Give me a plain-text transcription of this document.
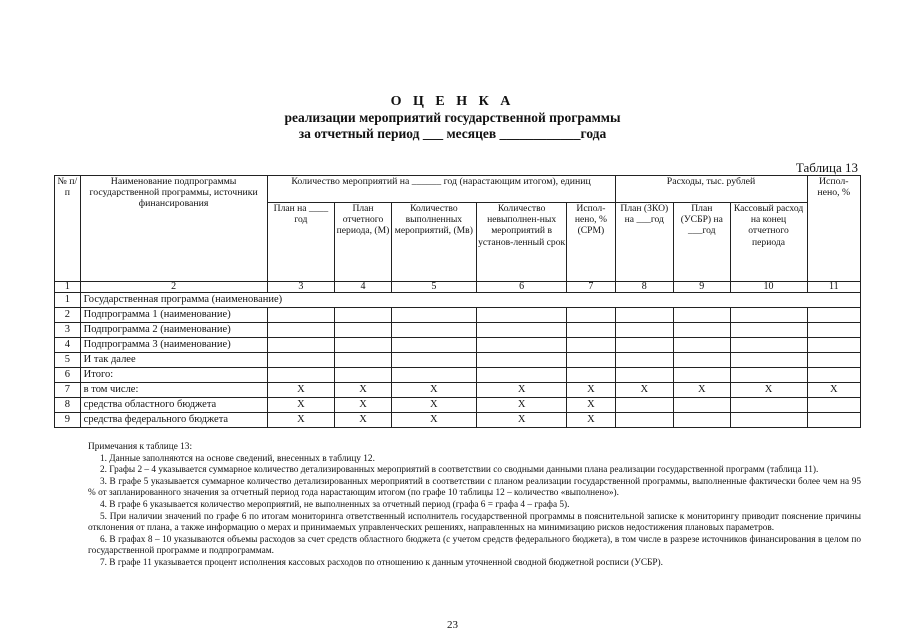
О Ц Е Н К А
реализации мероприятий государственной программы
за отчетный период ___ месяцев ____________года
Таблица 13
№ п/п	Наименование подпрограммы государственной программы, источники финансирования	Количество мероприятий на ______ год (нарастающим итогом), единиц					Расходы, тыс. рублей			Испол-нено, %
		План на ____ год	План отчетного периода, (М)	Количество выполненных мероприятий, (Мв)	Количество невыполнен-ных мероприятий в установ-ленный срок	Испол-нено, % (СРМ)	План (ЗКО) на ___год	План (УСБР) на ___год	Кассовый расход на конец отчетного периода	
1	2	3	4	5	6	7	8	9	10	11
1	Государственная программа (наименование)									
2	Подпрограмма 1 (наименование)									
3	Подпрограмма 2 (наименование)									
4	Подпрограмма 3 (наименование)									
5	И так далее									
6	Итого:									
7	в том числе:	Х	Х	Х	Х	Х	Х	Х	Х	Х
8	средства областного бюджета	Х	Х	Х	Х	Х				
9	средства федерального бюджета	Х	Х	Х	Х	Х				

Примечания к таблице 13:

1. Данные заполняются на основе сведений, внесенных в таблицу 12.

2. Графы 2 – 4 указывается суммарное количество детализированных мероприятий в соответствии со сводными данными плана реализации государственной программ (таблица 11).

3. В графе 5 указывается суммарное количество детализированных мероприятий в соответствии с планом реализации государственной программы, выполненные фактически более чем на 95 % от запланированного значения за отчетный период года нарастающим итогом (по графе 10 таблицы 12 – количество «выполнено»).

4. В графе 6 указывается количество мероприятий, не выполненных за отчетный период (графа 6 = графа 4 – графа 5).

5. При наличии значений по графе 6 по итогам мониторинга ответственный исполнитель государственной программы в пояснительной записке к мониторингу приводит пояснение причины отклонения от плана, а также информацию о мерах и принимаемых управленческих решениях, направленных на минимизацию рисков недостижения плановых параметров.

6. В графах 8 – 10 указываются объемы расходов за счет средств областного бюджета (с учетом средств федерального бюджета), в том числе в разрезе источников финансирования в целом по государственной программе и подпрограммам.

7. В графе 11 указывается процент исполнения кассовых расходов по отношению к данным уточненной сводной бюджетной росписи (УСБР).

23
